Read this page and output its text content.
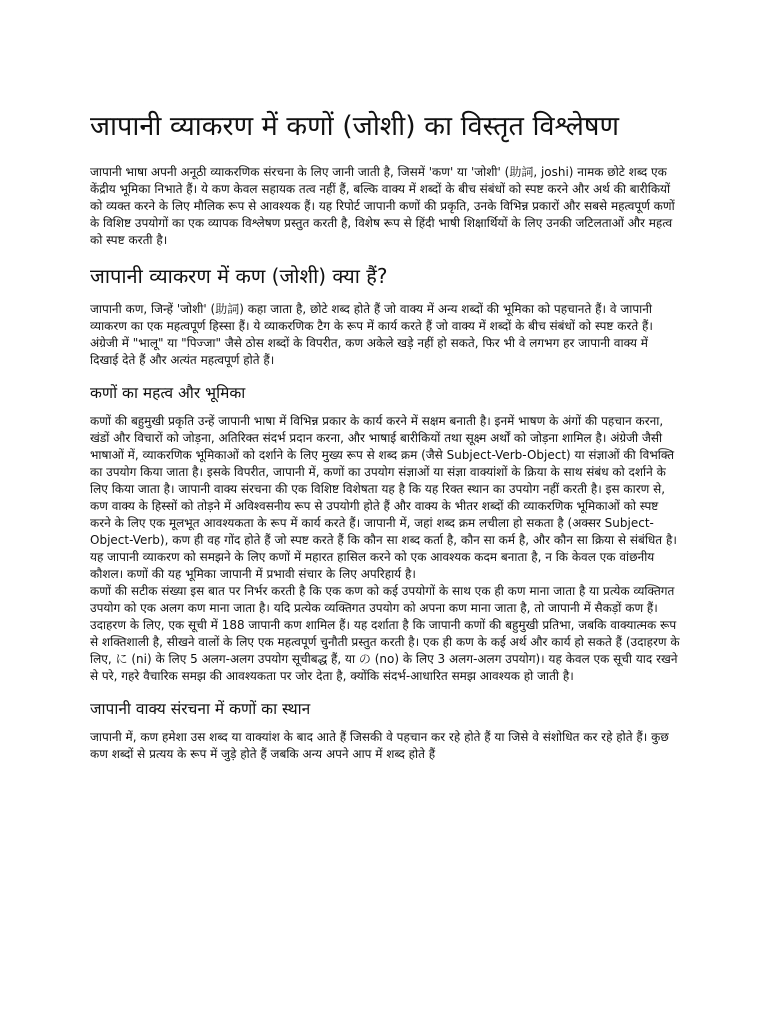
जापानी व्याकरण में कणों (जोशी) का विस्तृत विश्लेषण

जापानी भाषा अपनी अनूठी व्याकरणिक संरचना के लिए जानी जाती है, जिसमें 'कण' या 'जोशी' (助詞, joshi) नामक छोटे शब्द एक केंद्रीय भूमिका निभाते हैं। ये कण केवल सहायक तत्व नहीं हैं, बल्कि वाक्य में शब्दों के बीच संबंधों को स्पष्ट करने और अर्थ की बारीकियों को व्यक्त करने के लिए मौलिक रूप से आवश्यक हैं। यह रिपोर्ट जापानी कणों की प्रकृति, उनके विभिन्न प्रकारों और सबसे महत्वपूर्ण कणों के विशिष्ट उपयोगों का एक व्यापक विश्लेषण प्रस्तुत करती है, विशेष रूप से हिंदी भाषी शिक्षार्थियों के लिए उनकी जटिलताओं और महत्व को स्पष्ट करती है।

जापानी व्याकरण में कण (जोशी) क्या हैं?

जापानी कण, जिन्हें 'जोशी' (助詞) कहा जाता है, छोटे शब्द होते हैं जो वाक्य में अन्य शब्दों की भूमिका को पहचानते हैं। वे जापानी व्याकरण का एक महत्वपूर्ण हिस्सा हैं। ये व्याकरणिक टैग के रूप में कार्य करते हैं जो वाक्य में शब्दों के बीच संबंधों को स्पष्ट करते हैं। अंग्रेजी में "भालू" या "पिज्जा" जैसे ठोस शब्दों के विपरीत, कण अकेले खड़े नहीं हो सकते, फिर भी वे लगभग हर जापानी वाक्य में दिखाई देते हैं और अत्यंत महत्वपूर्ण होते हैं।

कणों का महत्व और भूमिका

कणों की बहुमुखी प्रकृति उन्हें जापानी भाषा में विभिन्न प्रकार के कार्य करने में सक्षम बनाती है। इनमें भाषण के अंगों की पहचान करना, खंडों और विचारों को जोड़ना, अतिरिक्त संदर्भ प्रदान करना, और भाषाई बारीकियों तथा सूक्ष्म अर्थों को जोड़ना शामिल है। अंग्रेजी जैसी भाषाओं में, व्याकरणिक भूमिकाओं को दर्शाने के लिए मुख्य रूप से शब्द क्रम (जैसे Subject-Verb-Object) या संज्ञाओं की विभक्ति का उपयोग किया जाता है। इसके विपरीत, जापानी में, कणों का उपयोग संज्ञाओं या संज्ञा वाक्यांशों के क्रिया के साथ संबंध को दर्शाने के लिए किया जाता है। जापानी वाक्य संरचना की एक विशिष्ट विशेषता यह है कि यह रिक्त स्थान का उपयोग नहीं करती है। इस कारण से, कण वाक्य के हिस्सों को तोड़ने में अविश्वसनीय रूप से उपयोगी होते हैं और वाक्य के भीतर शब्दों की व्याकरणिक भूमिकाओं को स्पष्ट करने के लिए एक मूलभूत आवश्यकता के रूप में कार्य करते हैं। जापानी में, जहां शब्द क्रम लचीला हो सकता है (अक्सर Subject-Object-Verb), कण ही वह गोंद होते हैं जो स्पष्ट करते हैं कि कौन सा शब्द कर्ता है, कौन सा कर्म है, और कौन सा क्रिया से संबंधित है। यह जापानी व्याकरण को समझने के लिए कणों में महारत हासिल करने को एक आवश्यक कदम बनाता है, न कि केवल एक वांछनीय कौशल। कणों की यह भूमिका जापानी में प्रभावी संचार के लिए अपरिहार्य है।

कणों की सटीक संख्या इस बात पर निर्भर करती है कि एक कण को कई उपयोगों के साथ एक ही कण माना जाता है या प्रत्येक व्यक्तिगत उपयोग को एक अलग कण माना जाता है। यदि प्रत्येक व्यक्तिगत उपयोग को अपना कण माना जाता है, तो जापानी में सैकड़ों कण हैं। उदाहरण के लिए, एक सूची में 188 जापानी कण शामिल हैं। यह दर्शाता है कि जापानी कणों की बहुमुखी प्रतिभा, जबकि वाक्यात्मक रूप से शक्तिशाली है, सीखने वालों के लिए एक महत्वपूर्ण चुनौती प्रस्तुत करती है। एक ही कण के कई अर्थ और कार्य हो सकते हैं (उदाहरण के लिए, に (ni) के लिए 5 अलग-अलग उपयोग सूचीबद्ध हैं, या の (no) के लिए 3 अलग-अलग उपयोग)। यह केवल एक सूची याद रखने से परे, गहरे वैचारिक समझ की आवश्यकता पर जोर देता है, क्योंकि संदर्भ-आधारित समझ आवश्यक हो जाती है।

जापानी वाक्य संरचना में कणों का स्थान

जापानी में, कण हमेशा उस शब्द या वाक्यांश के बाद आते हैं जिसकी वे पहचान कर रहे होते हैं या जिसे वे संशोधित कर रहे होते हैं। कुछ कण शब्दों से प्रत्यय के रूप में जुड़े होते हैं जबकि अन्य अपने आप में शब्द होते हैं
